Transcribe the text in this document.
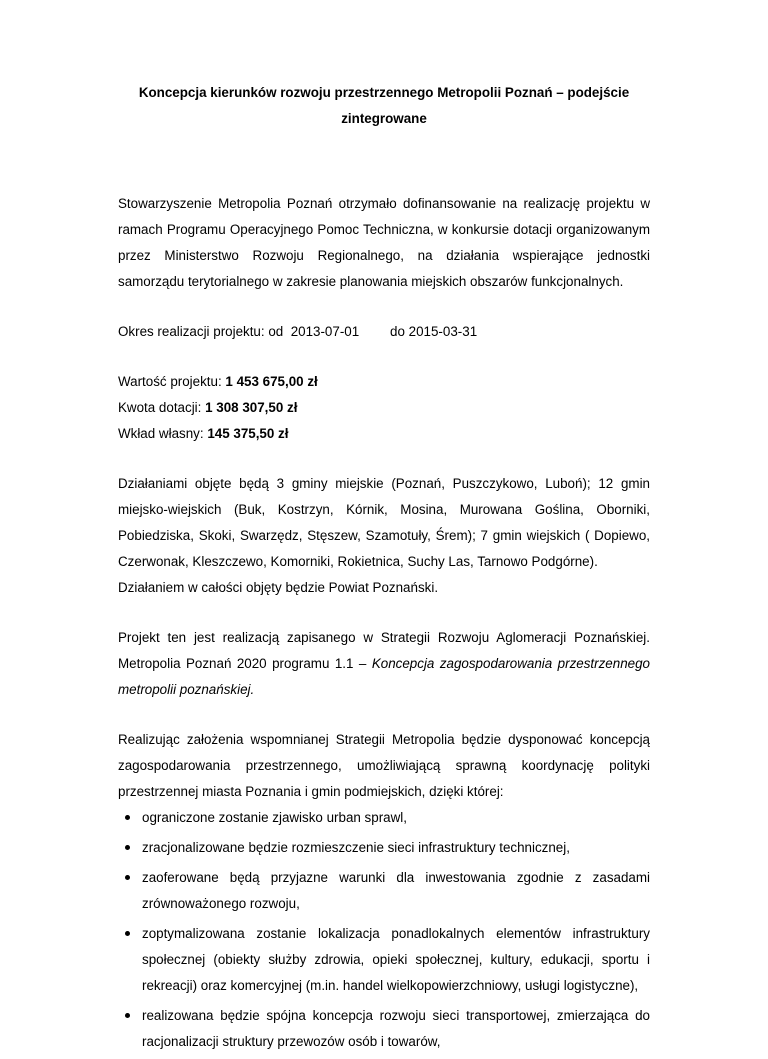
Koncepcja kierunków rozwoju przestrzennego Metropolii Poznań – podejście zintegrowane

Stowarzyszenie Metropolia Poznań otrzymało dofinansowanie na realizację projektu w ramach Programu Operacyjnego Pomoc Techniczna, w konkursie dotacji organizowanym przez Ministerstwo Rozwoju Regionalnego, na działania wspierające jednostki samorządu terytorialnego w zakresie planowania miejskich obszarów funkcjonalnych.

Okres realizacji projektu: od 2013-07-01	do 2015-03-31

Wartość projektu: 1 453 675,00 zł

Kwota dotacji: 1 308 307,50 zł

Wkład własny: 145 375,50 zł

Działaniami objęte będą 3 gminy miejskie (Poznań, Puszczykowo, Luboń); 12 gmin miejsko-wiejskich (Buk, Kostrzyn, Kórnik, Mosina, Murowana Goślina, Oborniki, Pobiedziska, Skoki, Swarzędz, Stęszew, Szamotuły, Śrem); 7 gmin wiejskich ( Dopiewo, Czerwonak, Kleszczewo, Komorniki, Rokietnica, Suchy Las, Tarnowo Podgórne).

Działaniem w całości objęty będzie Powiat Poznański.

Projekt ten jest realizacją zapisanego w Strategii Rozwoju Aglomeracji Poznańskiej. Metropolia Poznań 2020 programu 1.1 – Koncepcja zagospodarowania przestrzennego metropolii poznańskiej.

Realizując założenia wspomnianej Strategii Metropolia będzie dysponować koncepcją zagospodarowania przestrzennego, umożliwiającą sprawną koordynację polityki przestrzennej miasta Poznania i gmin podmiejskich, dzięki której:

ograniczone zostanie zjawisko urban sprawl,
zracjonalizowane będzie rozmieszczenie sieci infrastruktury technicznej,
zaoferowane będą przyjazne warunki dla inwestowania zgodnie z zasadami zrównoważonego rozwoju,
zoptymalizowana zostanie lokalizacja ponadlokalnych elementów infrastruktury społecznej (obiekty służby zdrowia, opieki społecznej, kultury, edukacji, sportu i rekreacji) oraz komercyjnej (m.in. handel wielkopowierzchniowy, usługi logistyczne),
realizowana będzie spójna koncepcja rozwoju sieci transportowej, zmierzająca do racjonalizacji struktury przewozów osób i towarów,
